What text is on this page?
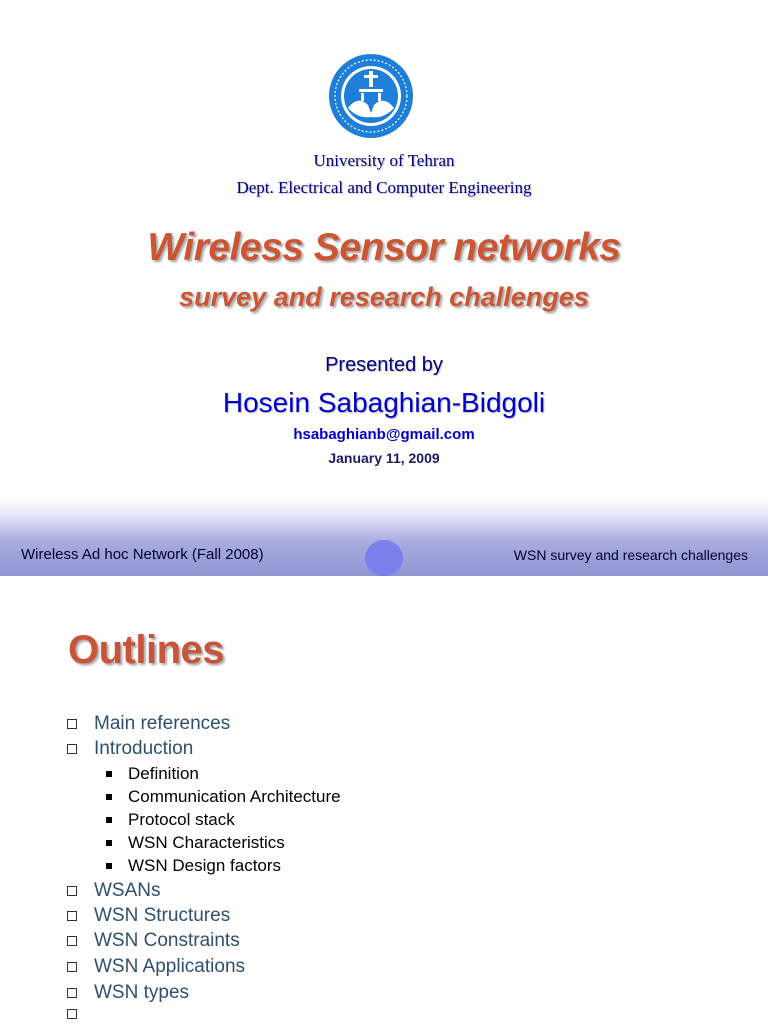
University of Tehran
Dept. Electrical and Computer Engineering
Wireless Sensor networks
survey and research challenges
Presented by
Hosein Sabaghian-Bidgoli
hsabaghianb@gmail.com
January 11, 2009
Wireless Ad hoc Network (Fall 2008)	WSN survey and research challenges
Outlines
Main references
Introduction
Definition
Communication Architecture
Protocol stack
WSN Characteristics
WSN Design factors
WSANs
WSN Structures
WSN Constraints
WSN Applications
WSN types
